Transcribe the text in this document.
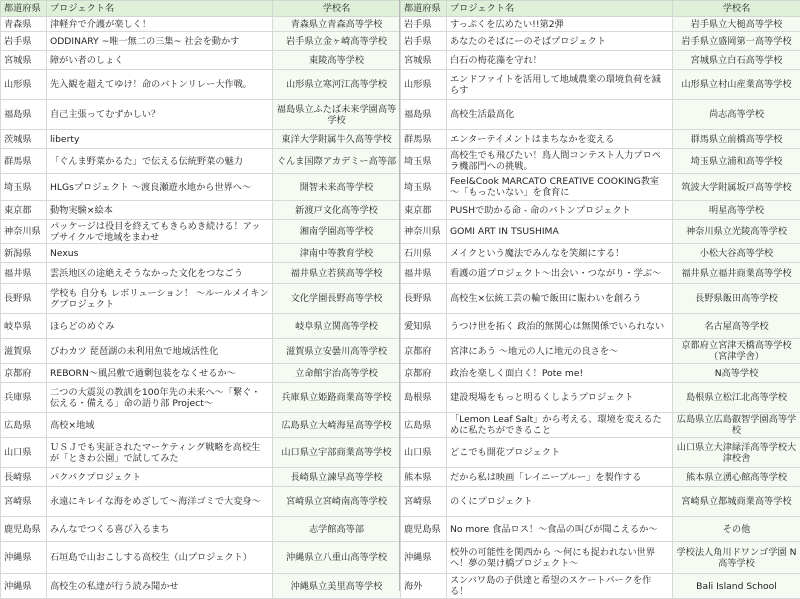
都道府県	プロジェクト名	学校名
青森県	津軽弁で介護が楽しく！	青森県立青森高等学校
岩手県	ODDINARY ~唯一無二の三集~ 社会を動かす	岩手県立金ヶ崎高等学校
宮城県	障がい者のしょく	東陵高等学校
山形県	先入観を超えてゆけ！命のバトンリレー大作戦。	山形県立寒河江高等学校
福島県	自己主張ってむずかしい？	福島県立ふたば未来学園高等学校
茨城県	liberty	東洋大学附属牛久高等学校
群馬県	「ぐんま野菜かるた」で伝える伝統野菜の魅力	ぐんま国際アカデミー高等部
埼玉県	HLGsプロジェクト ～渡良瀬遊水地から世界へ～	開智未来高等学校
東京都	動物実験×絵本	新渡戸文化高等学校
神奈川県	パッケージは役目を終えてもきらめき続ける！アップサイクルで地域をまわせ	湘南学園高等学校
新潟県	Nexus	津南中等教育学校
福井県	雲浜地区の途絶えそうなかった文化をつなごう	福井県立若狭高等学校
長野県	学校も 自分も レボリューション！ ～ルールメイキングプロジェクト	文化学園長野高等学校
岐阜県	ほらどのめぐみ	岐阜県立関高等学校
滋賀県	びわカツ 琵琶湖の未利用魚で地域活性化	滋賀県立安曇川高等学校
京都府	REBORN～風呂敷で過剰包装をなくせるか～	立命館宇治高等学校
兵庫県	二つの大震災の教訓を100年先の未来へ～「繋ぐ・伝える・備える」命の語り部 Project～	兵庫県立姫路商業高等学校
広島県	高校×地域	広島県立大崎海星高等学校
山口県	ＵＳＪでも実証されたマーケティング戦略を高校生が「ときわ公園」で試してみた	山口県立宇部商業高等学校
長崎県	パクパクプロジェクト	長崎県立諫早高等学校
宮崎県	永遠にキレイな海をめざして～海洋ゴミで大変身～	宮崎県立宮崎南高等学校
鹿児島県	みんなでつくる喜び入るまち	志学館高等部
沖縄県	石垣島で山おこしする高校生（山プロジェクト）	沖縄県立八重山高等学校
沖縄県	高校生の私達が行う読み聞かせ	沖縄県立美里高等学校
都道府県	プロジェクト名	学校名
岩手県	すっぷくを広めたい!!第2弾	岩手県立大槌高等学校
岩手県	あなたのそばにーのそばプロジェクト	岩手県立盛岡第一高等学校
宮城県	白石の梅花藻を守れ！	宮城県立白石高等学校
山形県	エンドファイトを活用して地域農業の環境負荷を減らす	山形県立村山産業高等学校
福島県	高校生活最高化	尚志高等学校
群馬県	エンターテイメントはまちなかを変える	群馬県立前橋高等学校
埼玉県	高校生でも飛びたい！鳥人間コンテスト人力プロペラ機部門への挑戦。	埼玉県立浦和高等学校
埼玉県	Feel&Cook MARCATO CREATIVE COOKING教室 ～「もったいない」を食育に	筑波大学附属坂戸高等学校
東京都	PUSHで助かる命 - 命のバトンプロジェクト	明星高等学校
神奈川県	GOMI ART IN TSUSHIMA	神奈川県立光陵高等学校
石川県	メイクという魔法でみんなを笑顔にする！	小松大谷高等学校
福井県	看護の道プロジェクト～出会い・つながり・学ぶ～	福井県立福井商業高等学校
長野県	高校生×伝統工芸の輪で飯田に賑わいを創ろう	長野県飯田高等学校
愛知県	うつけ世を拓く 政治的無関心は無関係でいられない	名古屋高等学校
京都府	宮津にあう ～地元の人に地元の良さを～	京都府立宮津天橋高等学校（宮津学舎）
京都府	政治を楽しく面白く！Pote me!	N高等学校
島根県	建設現場をもっと明るくしようプロジェクト	島根県立松江北高等学校
広島県	「Lemon Leaf Salt」から考える、環境を変えるために私たちができること	広島県立広島叡智学園高等学校
山口県	どこでも開花プロジェクト	山口県立大津緑洋高等学校大津校舎
熊本県	だから私は映画「レイニーブルー」を製作する	熊本県立湧心館高等学校
宮崎県	のくにプロジェクト	宮崎県立都城商業高等学校
鹿児島県	No more 食品ロス！～食品の叫びが聞こえるか～	その他
沖縄県	校外の可能性を関西から ～何にも捉われない世界へ！夢の架け橋プロジェクト～	学校法人角川ドワンゴ学園 N高等学校
海外	スンバワ島の子供達と希望のスケートパークを作る！	Bali Island School
